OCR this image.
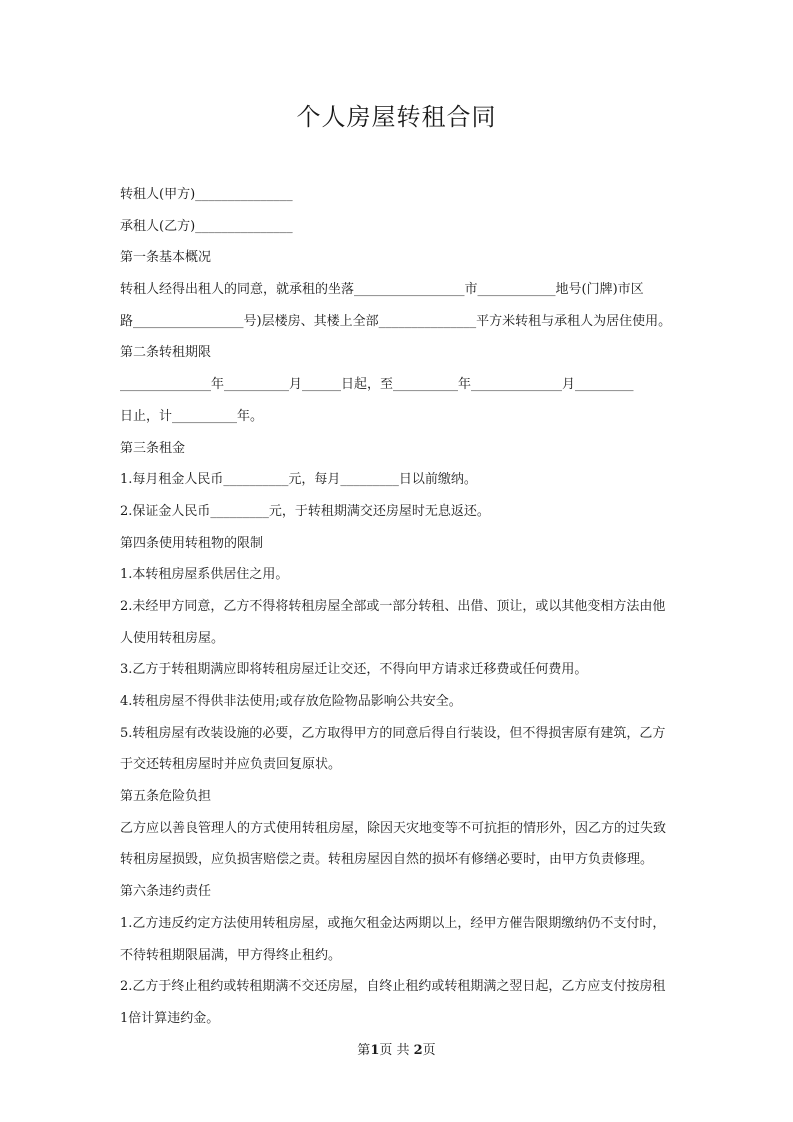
个人房屋转租合同

转租人(甲方)_______________

承租人(乙方)_______________

第一条基本概况

转租人经得出租人的同意，就承租的坐落_________________市____________地号(门牌)市区

路_________________号)层楼房、其楼上全部_______________平方米转租与承租人为居住使用。

第二条转租期限

______________年__________月______日起，至__________年______________月_________

日止，计__________年。

第三条租金

1.每月租金人民币__________元，每月_________日以前缴纳。

2.保证金人民币_________元，于转租期满交还房屋时无息返还。

第四条使用转租物的限制

1.本转租房屋系供居住之用。

2.未经甲方同意，乙方不得将转租房屋全部或一部分转租、出借、顶让，或以其他变相方法由他

人使用转租房屋。

3.乙方于转租期满应即将转租房屋迁让交还，不得向甲方请求迁移费或任何费用。

4.转租房屋不得供非法使用;或存放危险物品影响公共安全。

5.转租房屋有改装设施的必要，乙方取得甲方的同意后得自行装设，但不得损害原有建筑，乙方

于交还转租房屋时并应负责回复原状。

第五条危险负担

乙方应以善良管理人的方式使用转租房屋，除因天灾地变等不可抗拒的情形外，因乙方的过失致

转租房屋损毁，应负损害赔偿之责。转租房屋因自然的损坏有修缮必要时，由甲方负责修理。

第六条违约责任

1.乙方违反约定方法使用转租房屋，或拖欠租金达两期以上，经甲方催告限期缴纳仍不支付时，

不待转租期限届满，甲方得终止租约。

2.乙方于终止租约或转租期满不交还房屋，自终止租约或转租期满之翌日起，乙方应支付按房租

1倍计算违约金。

第1页 共 2页
